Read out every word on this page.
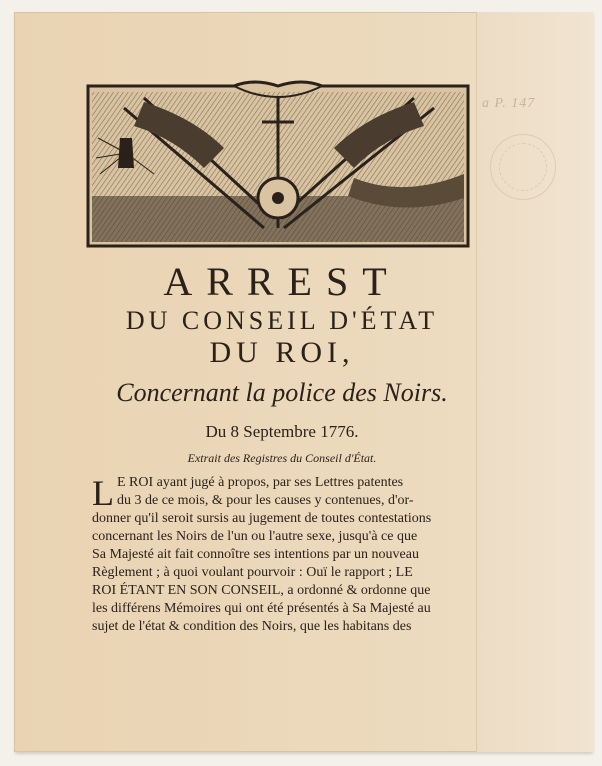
a P. 147
ARREST
DU CONSEIL D'ÉTAT
DU ROI,
Concernant la police des Noirs.
Du 8 Septembre 1776.
Extrait des Registres du Conseil d'État.
L E ROI ayant jugé à propos, par ses Lettres patentes
du 3 de ce mois, & pour les causes y contenues, d'or-
donner qu'il seroit sursis au jugement de toutes contestations
concernant les Noirs de l'un ou l'autre sexe, jusqu'à ce que
Sa Majesté ait fait connoître ses intentions par un nouveau
Règlement ; à quoi voulant pourvoir : Ouï le rapport ; LE
ROI ÉTANT EN SON CONSEIL, a ordonné & ordonne que
les différens Mémoires qui ont été présentés à Sa Majesté au
sujet de l'état & condition des Noirs, que les habitans des
